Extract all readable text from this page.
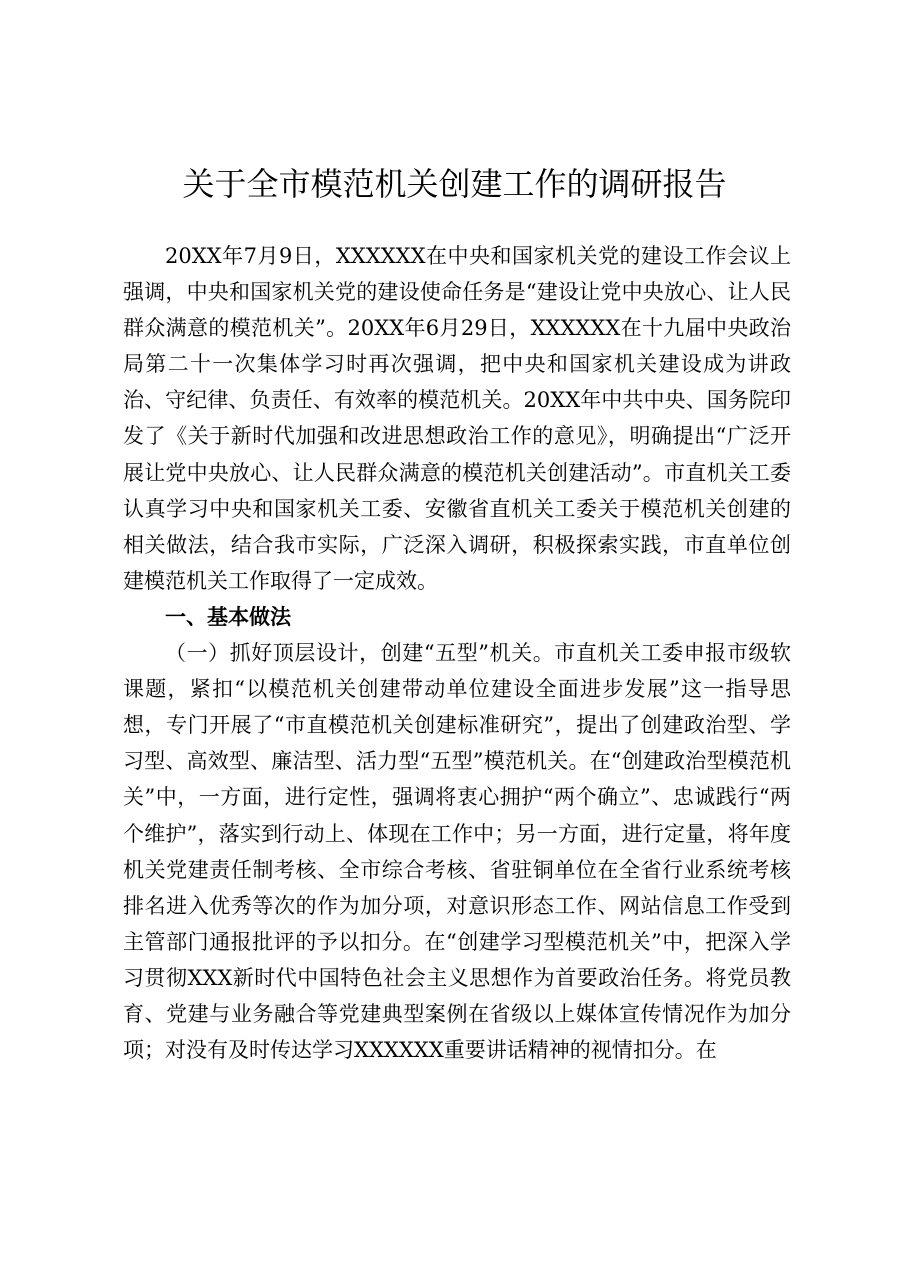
关于全市模范机关创建工作的调研报告

20XX年7月9日，XXXXXX在中央和国家机关党的建设工作会议上强调，中央和国家机关党的建设使命任务是“建设让党中央放心、让人民群众满意的模范机关”。20XX年6月29日，XXXXXX在十九届中央政治局第二十一次集体学习时再次强调，把中央和国家机关建设成为讲政治、守纪律、负责任、有效率的模范机关。20XX年中共中央、国务院印发了《关于新时代加强和改进思想政治工作的意见》，明确提出“广泛开展让党中央放心、让人民群众满意的模范机关创建活动”。市直机关工委认真学习中央和国家机关工委、安徽省直机关工委关于模范机关创建的相关做法，结合我市实际，广泛深入调研，积极探索实践，市直单位创建模范机关工作取得了一定成效。

一、基本做法

（一）抓好顶层设计，创建“五型”机关。市直机关工委申报市级软课题，紧扣“以模范机关创建带动单位建设全面进步发展”这一指导思想，专门开展了“市直模范机关创建标准研究”，提出了创建政治型、学习型、高效型、廉洁型、活力型“五型”模范机关。在“创建政治型模范机关”中，一方面，进行定性，强调将衷心拥护“两个确立”、忠诚践行“两个维护”，落实到行动上、体现在工作中；另一方面，进行定量，将年度机关党建责任制考核、全市综合考核、省驻铜单位在全省行业系统考核排名进入优秀等次的作为加分项，对意识形态工作、网站信息工作受到主管部门通报批评的予以扣分。在“创建学习型模范机关”中，把深入学习贯彻XXX新时代中国特色社会主义思想作为首要政治任务。将党员教育、党建与业务融合等党建典型案例在省级以上媒体宣传情况作为加分项；对没有及时传达学习XXXXXX重要讲话精神的视情扣分。在
